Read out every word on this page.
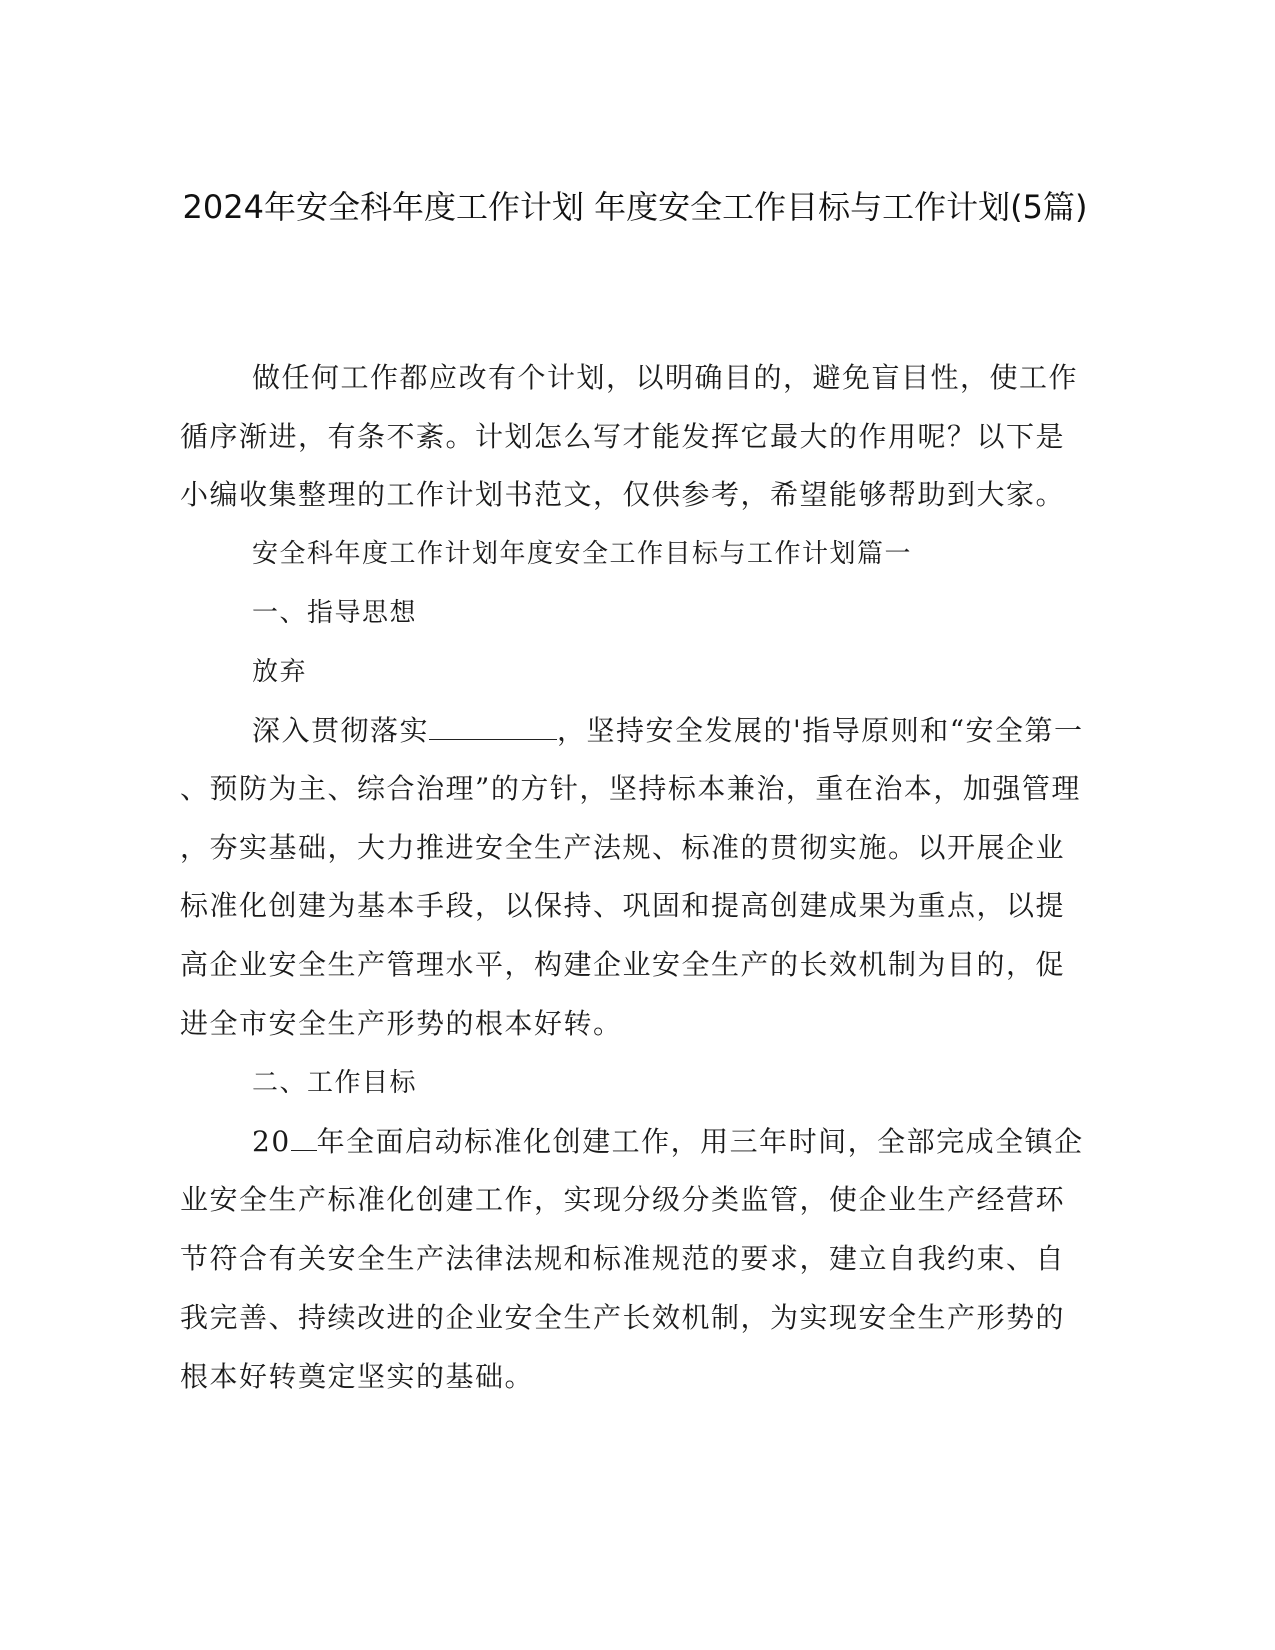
2024年安全科年度工作计划 年度安全工作目标与工作计划(5篇)
做任何工作都应改有个计划，以明确目的，避免盲目性，使工作
循序渐进，有条不紊。计划怎么写才能发挥它最大的作用呢？以下是
小编收集整理的工作计划书范文，仅供参考，希望能够帮助到大家。
安全科年度工作计划年度安全工作目标与工作计划篇一
一、指导思想
放弃
深入贯彻落实	，坚持安全发展的'指导原则和“安全第一
、预防为主、综合治理”的方针，坚持标本兼治，重在治本，加强管理
，夯实基础，大力推进安全生产法规、标准的贯彻实施。以开展企业
标准化创建为基本手段，以保持、巩固和提高创建成果为重点，以提
高企业安全生产管理水平，构建企业安全生产的长效机制为目的，促
进全市安全生产形势的根本好转。
二、工作目标
20 年全面启动标准化创建工作，用三年时间，全部完成全镇企
业安全生产标准化创建工作，实现分级分类监管，使企业生产经营环
节符合有关安全生产法律法规和标准规范的要求，建立自我约束、自
我完善、持续改进的企业安全生产长效机制，为实现安全生产形势的
根本好转奠定坚实的基础。
